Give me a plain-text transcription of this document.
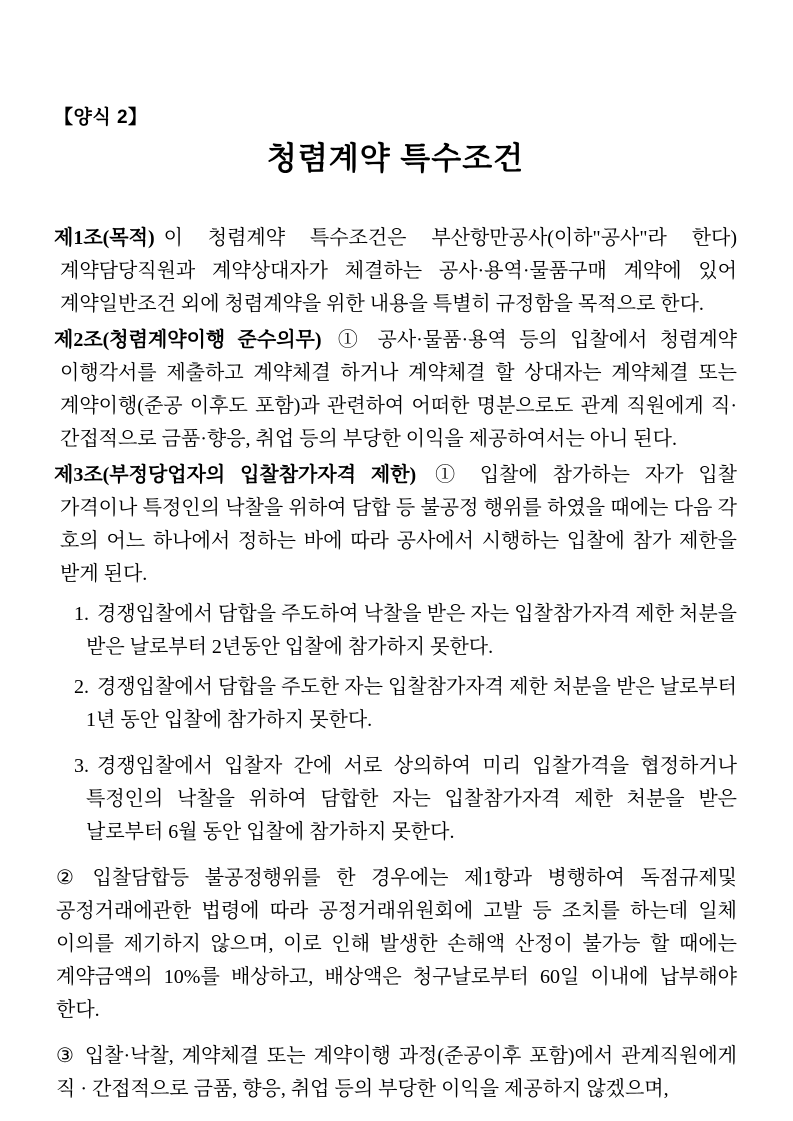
【양식 2】
청렴계약 특수조건

제1조(목적) 이 청렴계약 특수조건은 부산항만공사(이하"공사"라 한다) 계약담당직원과 계약상대자가 체결하는 공사·용역·물품구매 계약에 있어 계약일반조건 외에 청렴계약을 위한 내용을 특별히 규정함을 목적으로 한다.

제2조(청렴계약이행 준수의무) ① 공사·물품·용역 등의 입찰에서 청렴계약 이행각서를 제출하고 계약체결 하거나 계약체결 할 상대자는 계약체결 또는 계약이행(준공 이후도 포함)과 관련하여 어떠한 명분으로도 관계 직원에게 직·간접적으로 금품·향응, 취업 등의 부당한 이익을 제공하여서는 아니 된다.

제3조(부정당업자의 입찰참가자격 제한) ① 입찰에 참가하는 자가 입찰 가격이나 특정인의 낙찰을 위하여 담합 등 불공정 행위를 하였을 때에는 다음 각 호의 어느 하나에서 정하는 바에 따라 공사에서 시행하는 입찰에 참가 제한을 받게 된다.

1. 경쟁입찰에서 담합을 주도하여 낙찰을 받은 자는 입찰참가자격 제한 처분을 받은 날로부터 2년동안 입찰에 참가하지 못한다.
2. 경쟁입찰에서 담합을 주도한 자는 입찰참가자격 제한 처분을 받은 날로부터 1년 동안 입찰에 참가하지 못한다.
3. 경쟁입찰에서 입찰자 간에 서로 상의하여 미리 입찰가격을 협정하거나 특정인의 낙찰을 위하여 담합한 자는 입찰참가자격 제한 처분을 받은 날로부터 6월 동안 입찰에 참가하지 못한다.

② 입찰담합등 불공정행위를 한 경우에는 제1항과 병행하여 독점규제및 공정거래에관한 법령에 따라 공정거래위원회에 고발 등 조치를 하는데 일체 이의를 제기하지 않으며, 이로 인해 발생한 손해액 산정이 불가능 할 때에는 계약금액의 10%를 배상하고, 배상액은 청구날로부터 60일 이내에 납부해야 한다.

③ 입찰·낙찰, 계약체결 또는 계약이행 과정(준공이후 포함)에서 관계직원에게 직 · 간접적으로 금품, 향응, 취업 등의 부당한 이익을 제공하지 않겠으며,
